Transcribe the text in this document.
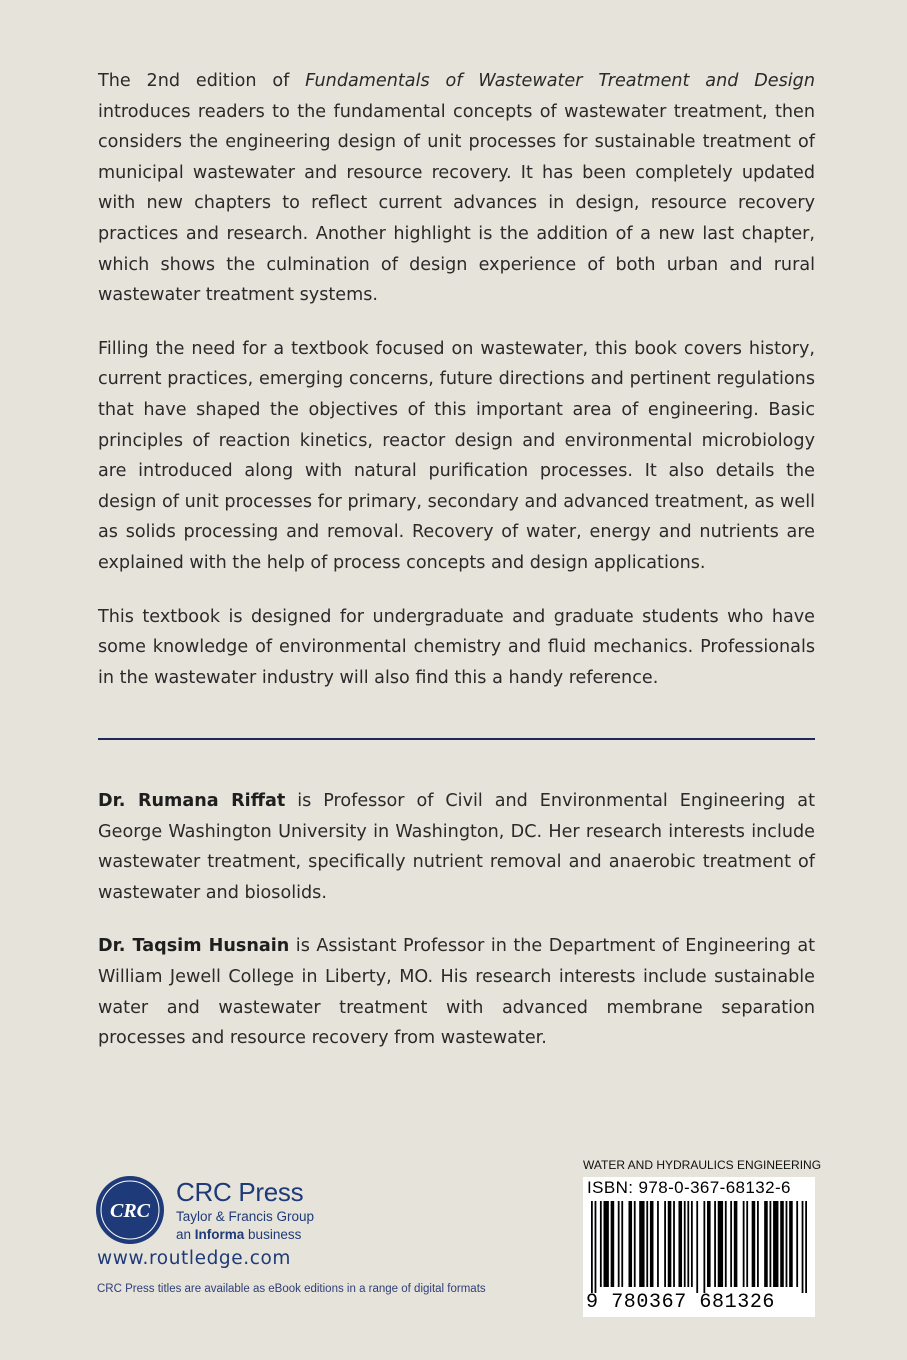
The 2nd edition of Fundamentals of Wastewater Treatment and Design introduces readers to the fundamental concepts of wastewater treatment, then considers the engineering design of unit processes for sustainable treatment of municipal wastewater and resource recovery. It has been completely updated with new chapters to reflect current advances in design, resource recovery practices and research. Another highlight is the addition of a new last chapter, which shows the culmination of design experience of both urban and rural wastewater treatment systems.

Filling the need for a textbook focused on wastewater, this book covers history, current practices, emerging concerns, future directions and pertinent regulations that have shaped the objectives of this important area of engineering. Basic principles of reaction kinetics, reactor design and environmental microbiology are introduced along with natural purification processes. It also details the design of unit processes for primary, secondary and advanced treatment, as well as solids processing and removal. Recovery of water, energy and nutrients are explained with the help of process concepts and design applications.

This textbook is designed for undergraduate and graduate students who have some knowledge of environmental chemistry and fluid mechanics. Professionals in the wastewater industry will also find this a handy reference.

Dr. Rumana Riffat is Professor of Civil and Environmental Engineering at George Washington University in Washington, DC. Her research interests include wastewater treatment, specifically nutrient removal and anaerobic treatment of wastewater and biosolids.

Dr. Taqsim Husnain is Assistant Professor in the Department of Engineering at William Jewell College in Liberty, MO. His research interests include sustainable water and wastewater treatment with advanced membrane separation processes and resource recovery from wastewater.

CRC
CRC Press
Taylor & Francis Group
an Informa business
www.routledge.com
CRC Press titles are available as eBook editions in a range of digital formats
WATER AND HYDRAULICS ENGINEERING
ISBN: 978-0-367-68132-6
9 780367 681326
